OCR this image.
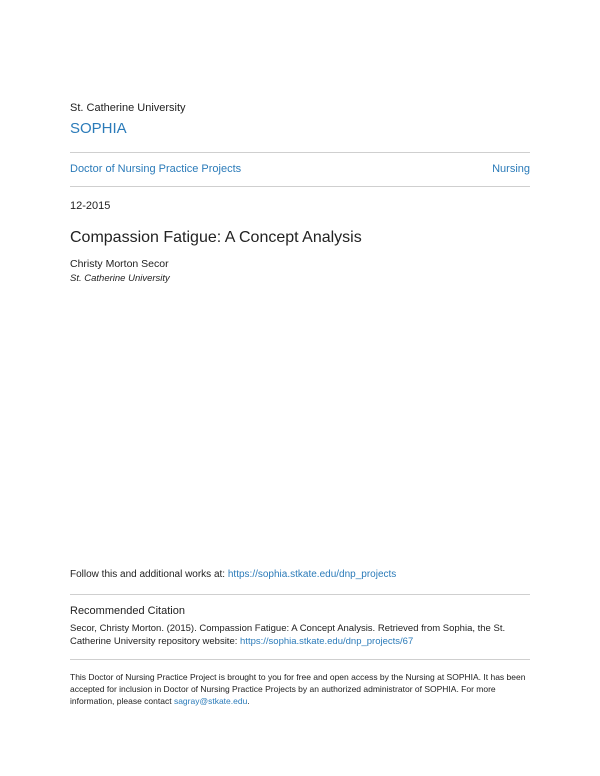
St. Catherine University
SOPHIA
Doctor of Nursing Practice Projects	Nursing
12-2015
Compassion Fatigue: A Concept Analysis
Christy Morton Secor
St. Catherine University
Follow this and additional works at: https://sophia.stkate.edu/dnp_projects
Recommended Citation
Secor, Christy Morton. (2015). Compassion Fatigue: A Concept Analysis. Retrieved from Sophia, the St. Catherine University repository website: https://sophia.stkate.edu/dnp_projects/67
This Doctor of Nursing Practice Project is brought to you for free and open access by the Nursing at SOPHIA. It has been accepted for inclusion in Doctor of Nursing Practice Projects by an authorized administrator of SOPHIA. For more information, please contact sagray@stkate.edu.
